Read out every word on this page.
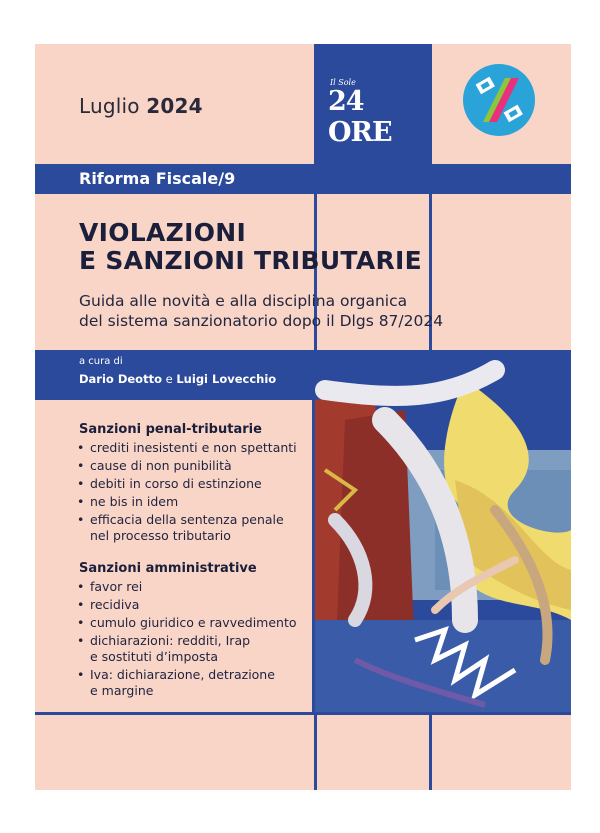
Il Sole
24 ORE
Luglio 2024
Riforma Fiscale/9
VIOLAZIONI
E SANZIONI TRIBUTARIE
Guida alle novità e alla disciplina organica
del sistema sanzionatorio dopo il Dlgs 87/2024
a cura di
Dario Deotto e Luigi Lovecchio
Sanzioni penal-tributarie
• crediti inesistenti e non spettanti
• cause di non punibilità
• debiti in corso di estinzione
• ne bis in idem
• efficacia della sentenza penale
nel processo tributario
Sanzioni amministrative
• favor rei
• recidiva
• cumulo giuridico e ravvedimento
• dichiarazioni: redditi, Irap
e sostituti d’imposta
• Iva: dichiarazione, detrazione
e margine
